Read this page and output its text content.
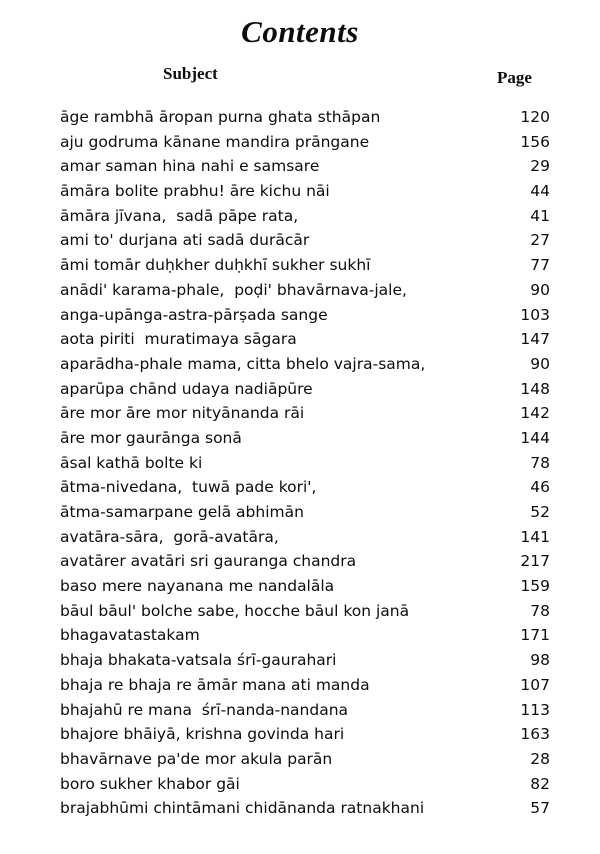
Contents
Subject	Page
āge rambhā āropan purna ghata sthāpan	120
aju godruma kānane mandira prāngane	156
amar saman hina nahi e samsare	29
āmāra bolite prabhu! āre kichu nāi	44
āmāra jīvana,  sadā pāpe rata,	41
ami to' durjana ati sadā durācār	27
āmi tomār duḥkher duḥkhī sukher sukhī	77
anādi' karama-phale,  poḍi' bhavārnava-jale,	90
anga-upānga-astra-pārṣada sange	103
aota piriti  muratimaya sāgara	147
aparādha-phale mama, citta bhelo vajra-sama,	90
aparūpa chānd udaya nadiāpūre	148
āre mor āre mor nityānanda rāi	142
āre mor gaurānga sonā	144
āsal kathā bolte ki	78
ātma-nivedana,  tuwā pade kori',	46
ātma-samarpane gelā abhimān	52
avatāra-sāra,  gorā-avatāra,	141
avatārer avatāri sri gauranga chandra	217
baso mere nayanana me nandalāla	159
bāul bāul' bolche sabe, hocche bāul kon janā	78
bhagavatastakam	171
bhaja bhakata-vatsala śrī-gaurahari	98
bhaja re bhaja re āmār mana ati manda	107
bhajahū re mana  śrī-nanda-nandana	113
bhajore bhāiyā, krishna govinda hari	163
bhavārnave pa'de mor akula parān	28
boro sukher khabor gāi	82
brajabhūmi chintāmani chidānanda ratnakhani	57
